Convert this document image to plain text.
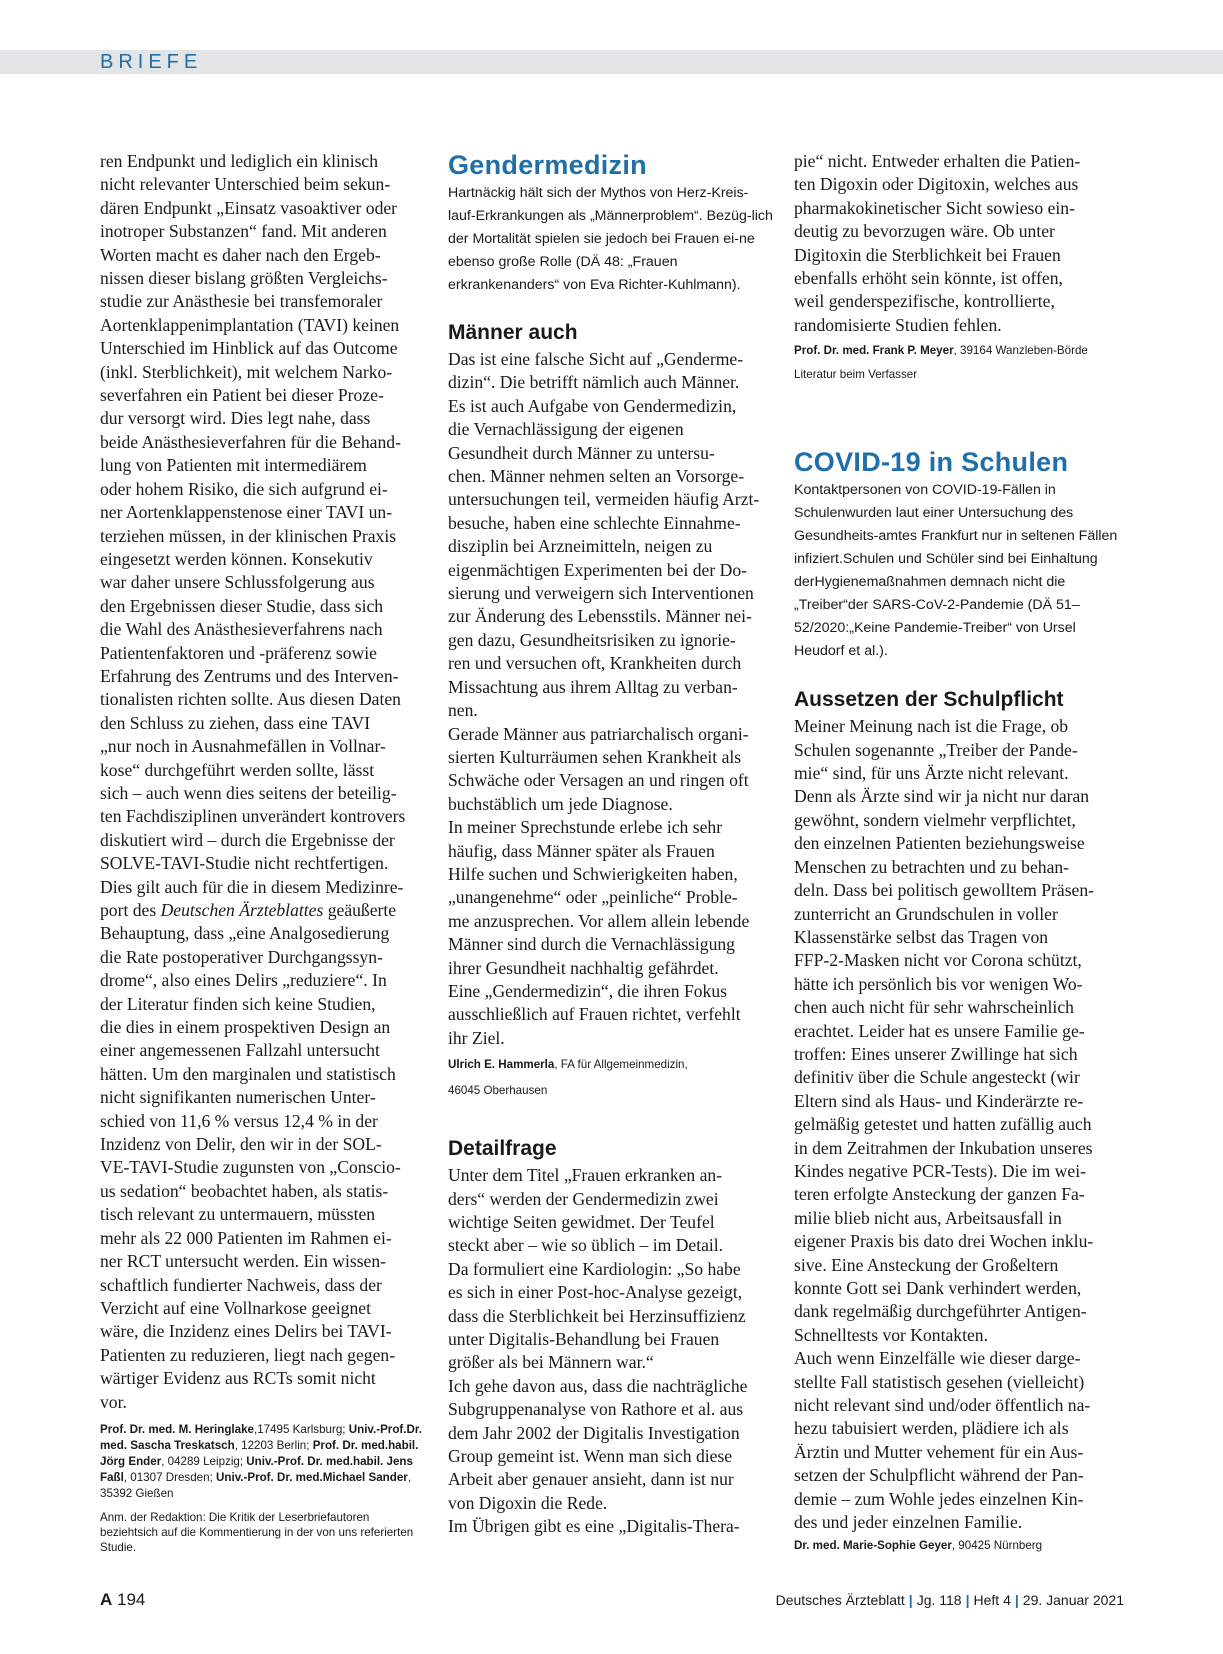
BRIEFE

ren Endpunkt und lediglich ein klinisch
nicht relevanter Unterschied beim sekun-
dären Endpunkt „Einsatz vasoaktiver oder
inotroper Substanzen“ fand. Mit anderen
Worten macht es daher nach den Ergeb-
nissen dieser bislang größten Vergleichs-
studie zur Anästhesie bei transfemoraler
Aortenklappenimplantation (TAVI) keinen
Unterschied im Hinblick auf das Outcome
(inkl. Sterblichkeit), mit welchem Narko-
severfahren ein Patient bei dieser Proze-
dur versorgt wird. Dies legt nahe, dass
beide Anästhesieverfahren für die Behand-
lung von Patienten mit intermediärem
oder hohem Risiko, die sich aufgrund ei-
ner Aortenklappenstenose einer TAVI un-
terziehen müssen, in der klinischen Praxis
eingesetzt werden können. Konsekutiv
war daher unsere Schlussfolgerung aus
den Ergebnissen dieser Studie, dass sich
die Wahl des Anästhesieverfahrens nach
Patientenfaktoren und -präferenz sowie
Erfahrung des Zentrums und des Interven-
tionalisten richten sollte. Aus diesen Daten
den Schluss zu ziehen, dass eine TAVI
„nur noch in Ausnahmefällen in Vollnar-
kose“ durchgeführt werden sollte, lässt
sich – auch wenn dies seitens der beteilig-
ten Fachdisziplinen unverändert kontrovers
diskutiert wird – durch die Ergebnisse der
SOLVE-TAVI-Studie nicht rechtfertigen.
Dies gilt auch für die in diesem Medizinre-
port des Deutschen Ärzteblattes geäußerte
Behauptung, dass „eine Analgosedierung
die Rate postoperativer Durchgangssyn-
drome“, also eines Delirs „reduziere“. In
der Literatur finden sich keine Studien,
die dies in einem prospektiven Design an
einer angemessenen Fallzahl untersucht
hätten. Um den marginalen und statistisch
nicht signifikanten numerischen Unter-
schied von 11,6 % versus 12,4 % in der
Inzidenz von Delir, den wir in der SOL-
VE-TAVI-Studie zugunsten von „Conscio-
us sedation“ beobachtet haben, als statis-
tisch relevant zu untermauern, müssten
mehr als 22 000 Patienten im Rahmen ei-
ner RCT untersucht werden. Ein wissen-
schaftlich fundierter Nachweis, dass der
Verzicht auf eine Vollnarkose geeignet
wäre, die Inzidenz eines Delirs bei TAVI-
Patienten zu reduzieren, liegt nach gegen-
wärtiger Evidenz aus RCTs somit nicht
vor.

Prof. Dr. med. M. Heringlake,17495 Karlsburg; Univ.-Prof.Dr. med. Sascha Treskatsch, 12203 Berlin; Prof. Dr. med.habil. Jörg Ender, 04289 Leipzig; Univ.-Prof. Dr. med.habil. Jens Faßl, 01307 Dresden; Univ.-Prof. Dr. med.Michael Sander, 35392 Gießen

Anm. der Redaktion: Die Kritik der Leserbriefautoren beziehtsich auf die Kommentierung in der von uns referierten Studie.

Gendermedizin

Hartnäckig hält sich der Mythos von Herz-Kreis-lauf-Erkrankungen als „Männerproblem“. Bezüg-lich der Mortalität spielen sie jedoch bei Frauen ei-ne ebenso große Rolle (DÄ 48: „Frauen erkrankenanders“ von Eva Richter-Kuhlmann).

Männer auch

Das ist eine falsche Sicht auf „Genderme-
dizin“. Die betrifft nämlich auch Männer.
Es ist auch Aufgabe von Gendermedizin,
die Vernachlässigung der eigenen
Gesundheit durch Männer zu untersu-
chen. Männer nehmen selten an Vorsorge-
untersuchungen teil, vermeiden häufig Arzt-
besuche, haben eine schlechte Einnahme-
disziplin bei Arzneimitteln, neigen zu
eigenmächtigen Experimenten bei der Do-
sierung und verweigern sich Interventionen
zur Änderung des Lebensstils. Männer nei-
gen dazu, Gesundheitsrisiken zu ignorie-
ren und versuchen oft, Krankheiten durch
Missachtung aus ihrem Alltag zu verban-
nen.
Gerade Männer aus patriarchalisch organi-
sierten Kulturräumen sehen Krankheit als
Schwäche oder Versagen an und ringen oft
buchstäblich um jede Diagnose.
In meiner Sprechstunde erlebe ich sehr
häufig, dass Männer später als Frauen
Hilfe suchen und Schwierigkeiten haben,
„unangenehme“ oder „peinliche“ Proble-
me anzusprechen. Vor allem allein lebende
Männer sind durch die Vernachlässigung
ihrer Gesundheit nachhaltig gefährdet.
Eine „Gendermedizin“, die ihren Fokus
ausschließlich auf Frauen richtet, verfehlt
ihr Ziel.

Ulrich E. Hammerla, FA für Allgemeinmedizin,
46045 Oberhausen

Detailfrage

Unter dem Titel „Frauen erkranken an-
ders“ werden der Gendermedizin zwei
wichtige Seiten gewidmet. Der Teufel
steckt aber – wie so üblich – im Detail.
Da formuliert eine Kardiologin: „So habe
es sich in einer Post-hoc-Analyse gezeigt,
dass die Sterblichkeit bei Herzinsuffizienz
unter Digitalis-Behandlung bei Frauen
größer als bei Männern war.“
Ich gehe davon aus, dass die nachträgliche
Subgruppenanalyse von Rathore et al. aus
dem Jahr 2002 der Digitalis Investigation
Group gemeint ist. Wenn man sich diese
Arbeit aber genauer ansieht, dann ist nur
von Digoxin die Rede.
Im Übrigen gibt es eine „Digitalis-Thera-

pie“ nicht. Entweder erhalten die Patien-
ten Digoxin oder Digitoxin, welches aus
pharmakokinetischer Sicht sowieso ein-
deutig zu bevorzugen wäre. Ob unter
Digitoxin die Sterblichkeit bei Frauen
ebenfalls erhöht sein könnte, ist offen,
weil genderspezifische, kontrollierte,
randomisierte Studien fehlen.

Prof. Dr. med. Frank P. Meyer, 39164 Wanzleben-Börde
Literatur beim Verfasser

COVID-19 in Schulen

Kontaktpersonen von COVID-19-Fällen in Schulenwurden laut einer Untersuchung des Gesundheits-amtes Frankfurt nur in seltenen Fällen infiziert.Schulen und Schüler sind bei Einhaltung derHygienemaßnahmen demnach nicht die „Treiber“der SARS-CoV-2-Pandemie (DÄ 51–52/2020:„Keine Pandemie-Treiber“ von Ursel Heudorf et al.).

Aussetzen der Schulpflicht

Meiner Meinung nach ist die Frage, ob
Schulen sogenannte „Treiber der Pande-
mie“ sind, für uns Ärzte nicht relevant.
Denn als Ärzte sind wir ja nicht nur daran
gewöhnt, sondern vielmehr verpflichtet,
den einzelnen Patienten beziehungsweise
Menschen zu betrachten und zu behan-
deln. Dass bei politisch gewolltem Präsen-
zunterricht an Grundschulen in voller
Klassenstärke selbst das Tragen von
FFP-2-Masken nicht vor Corona schützt,
hätte ich persönlich bis vor wenigen Wo-
chen auch nicht für sehr wahrscheinlich
erachtet. Leider hat es unsere Familie ge-
troffen: Eines unserer Zwillinge hat sich
definitiv über die Schule angesteckt (wir
Eltern sind als Haus- und Kinderärzte re-
gelmäßig getestet und hatten zufällig auch
in dem Zeitrahmen der Inkubation unseres
Kindes negative PCR-Tests). Die im wei-
teren erfolgte Ansteckung der ganzen Fa-
milie blieb nicht aus, Arbeitsausfall in
eigener Praxis bis dato drei Wochen inklu-
sive. Eine Ansteckung der Großeltern
konnte Gott sei Dank verhindert werden,
dank regelmäßig durchgeführter Antigen-
Schnelltests vor Kontakten.
Auch wenn Einzelfälle wie dieser darge-
stellte Fall statistisch gesehen (vielleicht)
nicht relevant sind und/oder öffentlich na-
hezu tabuisiert werden, plädiere ich als
Ärztin und Mutter vehement für ein Aus-
setzen der Schulpflicht während der Pan-
demie – zum Wohle jedes einzelnen Kin-
des und jeder einzelnen Familie.

Dr. med. Marie-Sophie Geyer, 90425 Nürnberg

A 194	Deutsches Ärzteblatt | Jg. 118 | Heft 4 | 29. Januar 2021
